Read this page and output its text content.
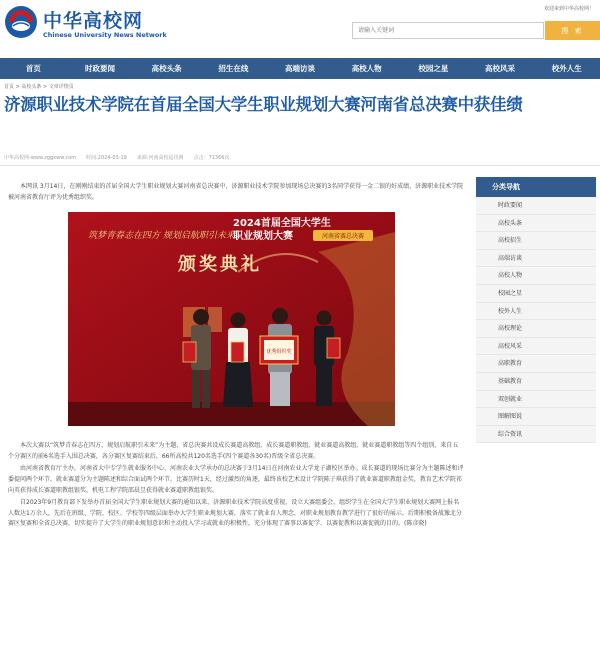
中华高校网
Chinese University News Network
欢迎来到中华高校网！
请输入关键词
搜 索
首页	时政要闻	高校头条	招生在线	高端访谈	高校人物	校园之星	高校风采	校外人生
首页 > 高校头条 > 文章详情页
济源职业技术学院在首届全国大学生职业规划大赛河南省总决赛中获佳绩
中华高校网-www.zggxww.com 时间:2024-03-19 来源:河南高校巡讯网 点击：71366次

本网讯 3月14日，在刚刚结束的首届全国大学生职业规划大赛河南省总决赛中，济源职业技术学院参加现场总决赛的3名同学获得一金二银的好成绩，济源职业技术学院被河南省教育厅评为优秀组织奖。

优秀组织奖
筑梦青春志在四方 规划启航职引未来
2024首届全国大学生
职业规划大赛	河南省赛总决赛
颁奖典礼

本次大赛以“筑梦青春志在四方，规划启航职引未来”为主题，省总决赛共设成长赛道高教组、成长赛道职教组、就业赛道高教组、就业赛道职教组等四个组别，来自五个分赛区的前6名选手入围总决赛，各分赛区复赛结束后，66所高校共120名选手(四个赛道各30名)晋级全省总决赛。

由河南省教育厅主办，河南省大中专学生就业服务中心、河南农业大学承办的总决赛于3月14日在河南农业大学龙子湖校区举办。成长赛道的现场比赛分为主题陈述和评委提问两个环节，就业赛道分为主题陈述和综合面试两个环节。比赛历时1天，经过激烈的角逐，最终该校艺术设计学院陈子琪获得了就业赛道职教组金奖，教育艺术学院祁向英获得成长赛道职教组银奖，机电工程学院邵晨昱获得就业赛道职教组银奖。

自2023年9月教育部下发举办首届全国大学生职业规划大赛的通知以来，济源职业技术学院高度重视，设立大赛组委会，组织学生在全国大学生职业规划大赛网上报名人数达1万余人，先后在班级、学院、校区、学校等四级层面举办大学生职业规划大赛，落实了就业育人理念，对职业规划教育教学进行了很好的展示。后期积极备战豫北分赛区复赛和全省总决赛，切实提升了大学生的职业规划意识和主动投入学习或就业的积极性，充分体现了赛事以赛促学、以赛促教和以赛促就的目的。(陈彦晓)

分类导航
时政要闻
高校头条
高校招生
高端访谈
高校人物
校园之星
校外人生
高校理论
高校风采
高职教育
基础教育
双创就业
图解图说
综合资讯
